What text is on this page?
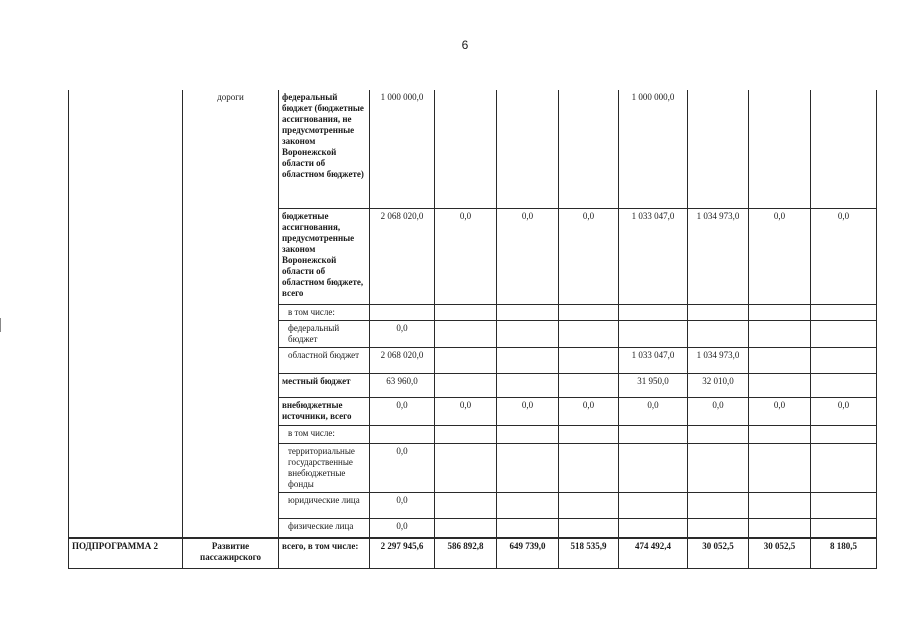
6
	дороги	федеральный бюджет (бюджетные ассигнования, не предусмотренные законом Воронежской области об областном бюджете)	1 000 000,0				1 000 000,0			
		бюджетные ассигнования, предусмотренные законом Воронежской области об областном бюджете, всего	2 068 020,0	0,0	0,0	0,0	1 033 047,0	1 034 973,0	0,0	0,0
		в том числе:								
		федеральный бюджет	0,0							
		областной бюджет	2 068 020,0				1 033 047,0	1 034 973,0		
		местный бюджет	63 960,0				31 950,0	32 010,0		
		внебюджетные источники, всего	0,0	0,0	0,0	0,0	0,0	0,0	0,0	0,0
		в том числе:								
		территориальные государственные внебюджетные фонды	0,0							
		юридические лица	0,0							
		физические лица	0,0							
ПОДПРОГРАММА 2	Развитие пассажирского	всего, в том числе:	2 297 945,6	586 892,8	649 739,0	518 535,9	474 492,4	30 052,5	30 052,5	8 180,5
